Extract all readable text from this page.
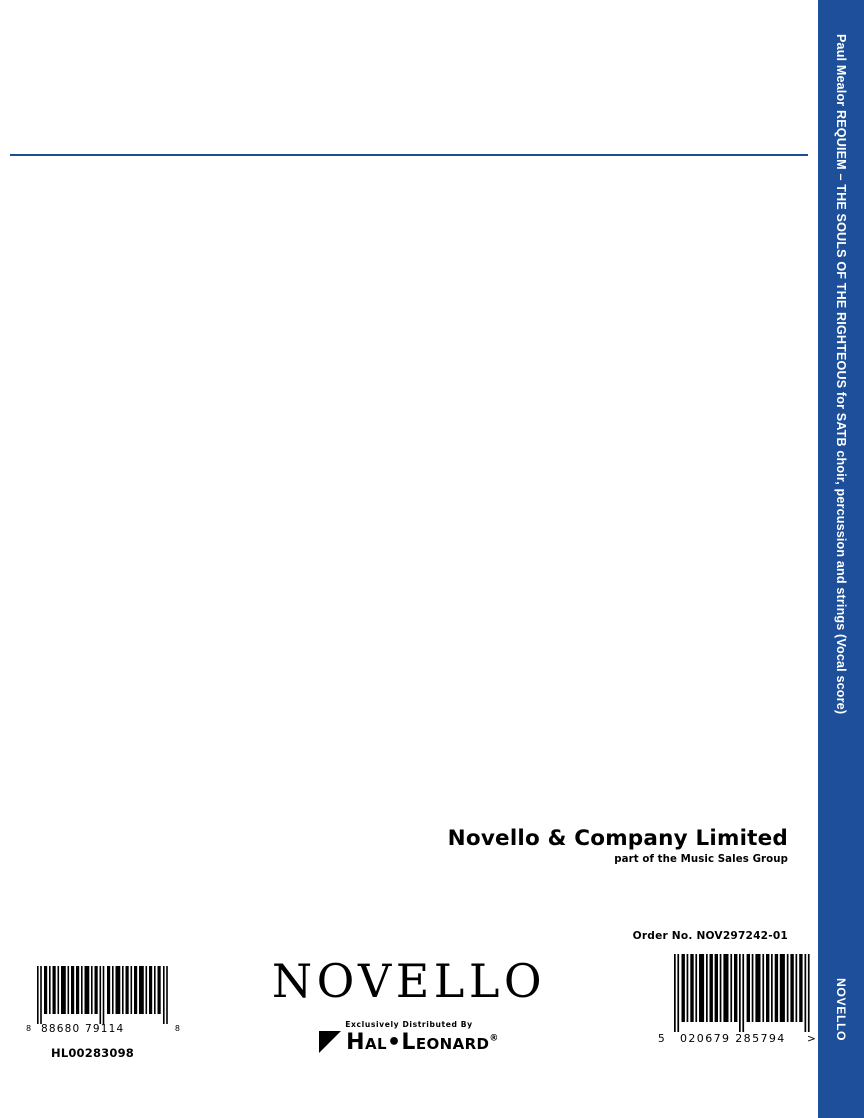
Novello & Company Limited
part of the Music Sales Group
Order No. NOV297242-01
NOVELLO
Exclusively Distributed By
HAL•LEONARD®
8 88680 79114	8
HL00283098
5 020679 285794 >
Paul Mealor REQUIEM – THE SOULS OF THE RIGHTEOUS for SATB choir, percussion and strings (Vocal score)
NOVELLO
